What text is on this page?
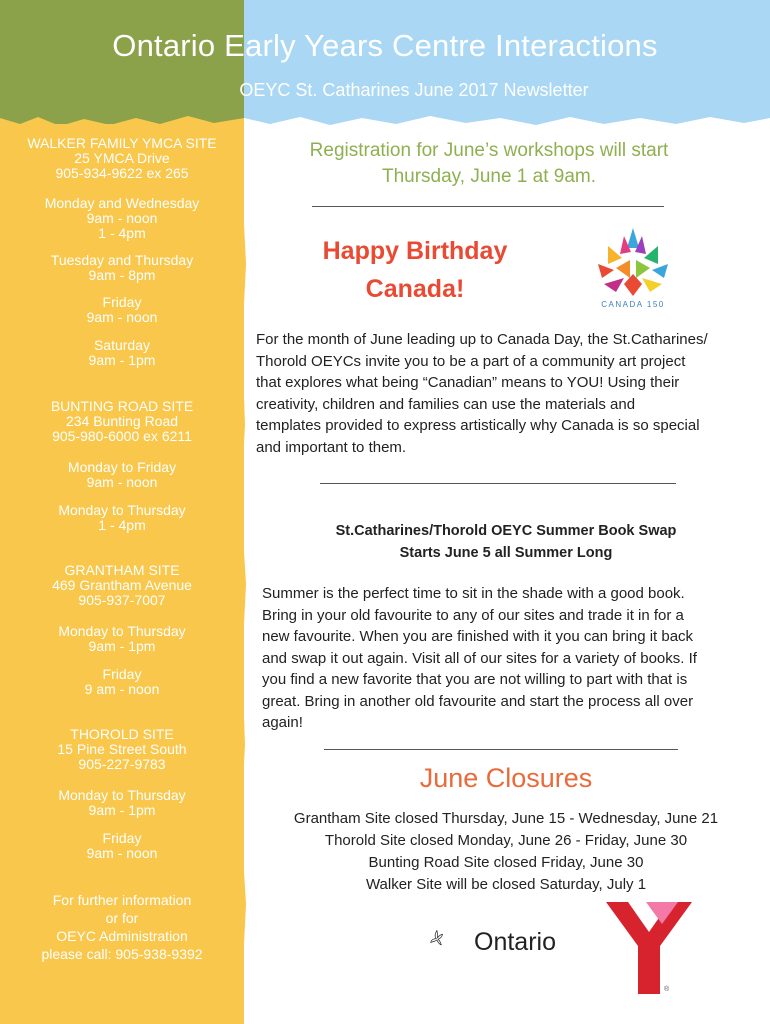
Ontario Early Years Centre Interactions
OEYC St. Catharines June 2017 Newsletter
WALKER FAMILY YMCA SITE
25 YMCA Drive
905-934-9622 ex 265
Monday and Wednesday
9am - noon
1 - 4pm
Tuesday and Thursday
9am - 8pm
Friday
9am - noon
Saturday
9am - 1pm
BUNTING ROAD SITE
234 Bunting Road
905-980-6000 ex 6211
Monday to Friday
9am - noon
Monday to Thursday
1 - 4pm
GRANTHAM SITE
469 Grantham Avenue
905-937-7007
Monday to Thursday
9am - 1pm
Friday
9 am - noon
THOROLD SITE
15 Pine Street South
905-227-9783
Monday to Thursday
9am - 1pm
Friday
9am - noon
For further information
or for
OEYC Administration
please call: 905-938-9392
Registration for June’s workshops will start
Thursday, June 1 at 9am.
Happy Birthday
Canada!
CANADA 150
For the month of June leading up to Canada Day, the St.Catharines/
Thorold OEYCs invite you to be a part of a community art project
that explores what being “Canadian” means to YOU! Using their
creativity, children and families can use the materials and
templates provided to express artistically why Canada is so special
and important to them.
St.Catharines/Thorold OEYC Summer Book Swap
Starts June 5 all Summer Long
Summer is the perfect time to sit in the shade with a good book.
Bring in your old favourite to any of our sites and trade it in for a
new favourite. When you are finished with it you can bring it back
and swap it out again. Visit all of our sites for a variety of books. If
you find a new favorite that you are not willing to part with that is
great. Bring in another old favourite and start the process all over
again!
June Closures
Grantham Site closed Thursday, June 15 - Wednesday, June 21
Thorold Site closed Monday, June 26 - Friday, June 30
Bunting Road Site closed Friday, June 30
Walker Site will be closed Saturday, July 1
Ontario
®
